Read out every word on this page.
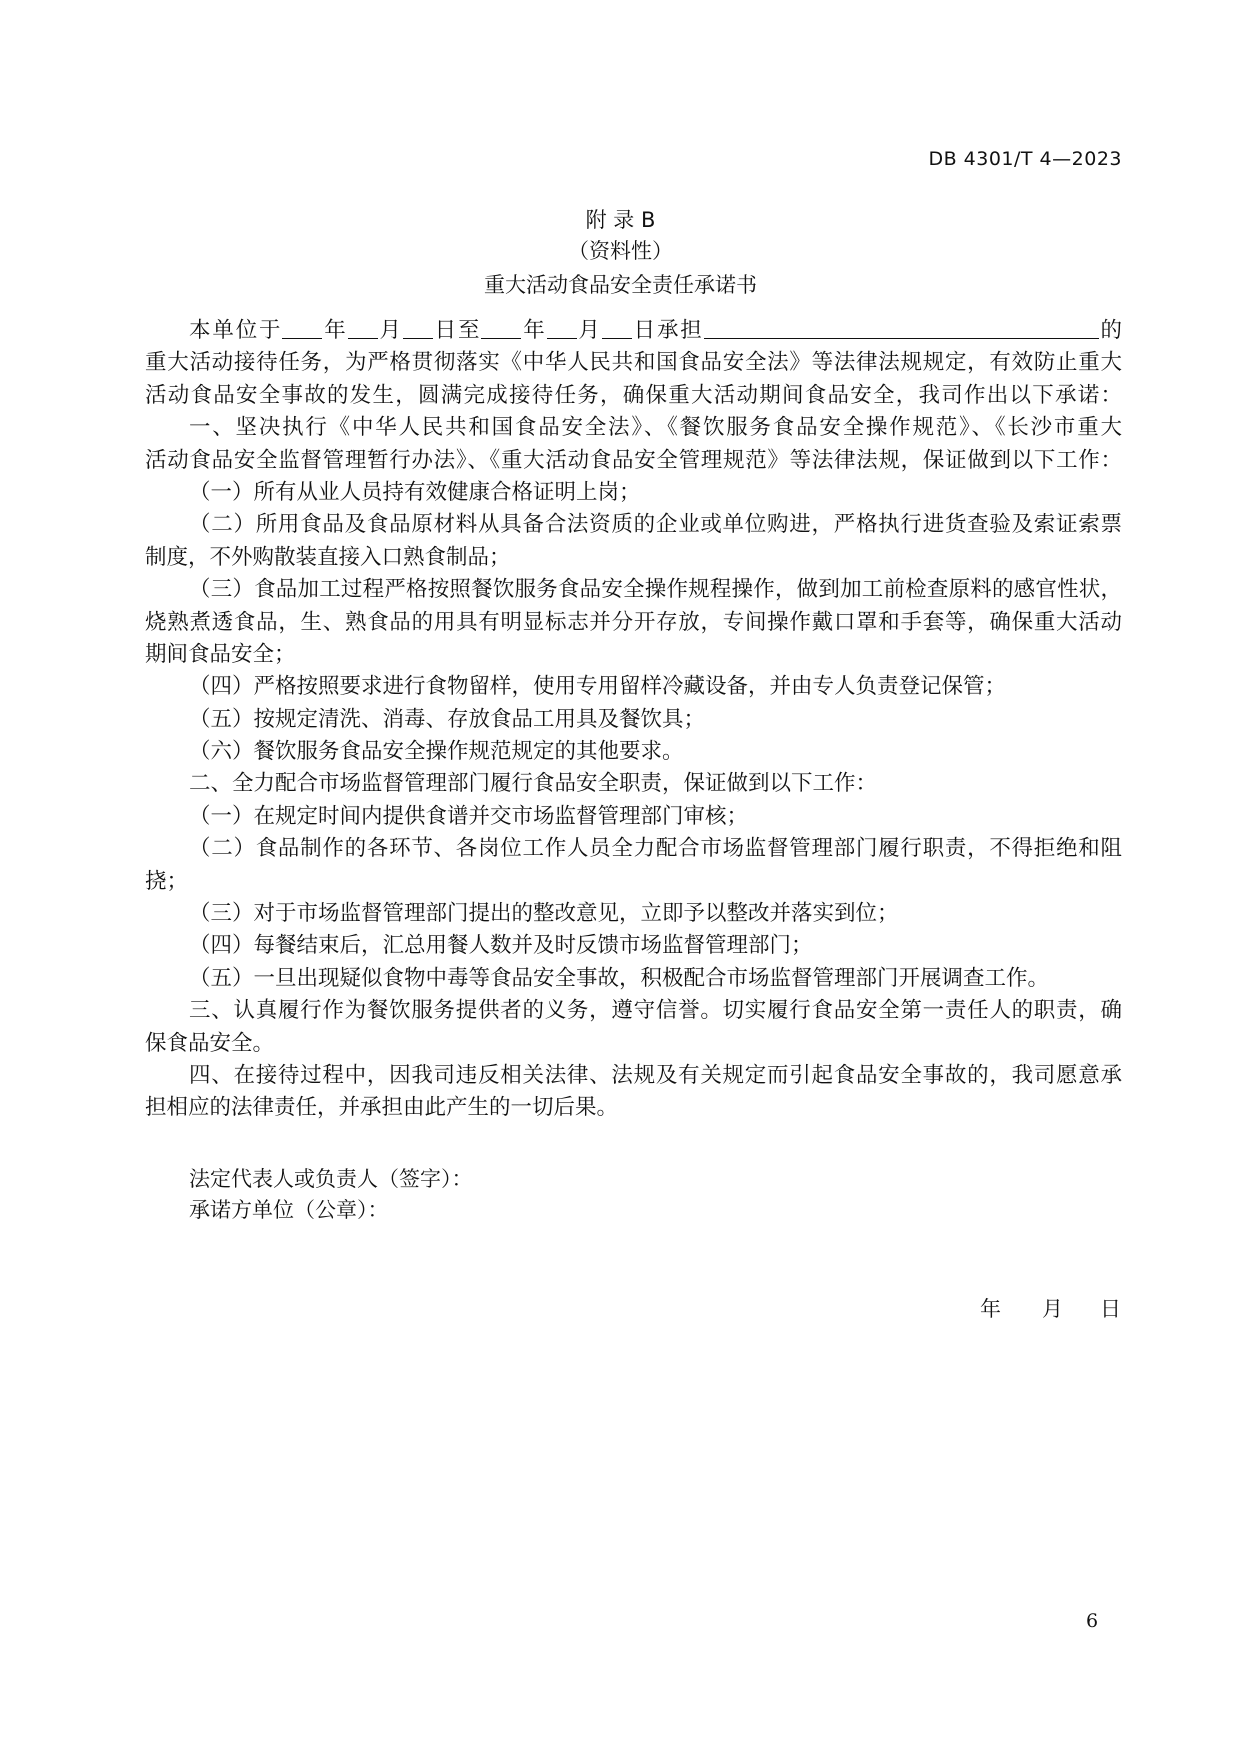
DB 4301/T 4—2023
附 录 B
（资料性）
重大活动食品安全责任承诺书
本单位于 年 月 日至 年 月 日承担	的
重大活动接待任务，为严格贯彻落实《中华人民共和国食品安全法》等法律法规规定，有效防止重大
活动食品安全事故的发生，圆满完成接待任务，确保重大活动期间食品安全，我司作出以下承诺：
一、坚决执行《中华人民共和国食品安全法》、《餐饮服务食品安全操作规范》、《长沙市重大
活动食品安全监督管理暂行办法》、《重大活动食品安全管理规范》等法律法规，保证做到以下工作：
（一）所有从业人员持有效健康合格证明上岗；
（二）所用食品及食品原材料从具备合法资质的企业或单位购进，严格执行进货查验及索证索票
制度，不外购散装直接入口熟食制品；
（三）食品加工过程严格按照餐饮服务食品安全操作规程操作，做到加工前检查原料的感官性状，
烧熟煮透食品，生、熟食品的用具有明显标志并分开存放，专间操作戴口罩和手套等，确保重大活动
期间食品安全；
（四）严格按照要求进行食物留样，使用专用留样冷藏设备，并由专人负责登记保管；
（五）按规定清洗、消毒、存放食品工用具及餐饮具；
（六）餐饮服务食品安全操作规范规定的其他要求。
二、全力配合市场监督管理部门履行食品安全职责，保证做到以下工作：
（一）在规定时间内提供食谱并交市场监督管理部门审核；
（二）食品制作的各环节、各岗位工作人员全力配合市场监督管理部门履行职责，不得拒绝和阻
挠；
（三）对于市场监督管理部门提出的整改意见，立即予以整改并落实到位；
（四）每餐结束后，汇总用餐人数并及时反馈市场监督管理部门；
（五）一旦出现疑似食物中毒等食品安全事故，积极配合市场监督管理部门开展调查工作。
三、认真履行作为餐饮服务提供者的义务，遵守信誉。切实履行食品安全第一责任人的职责，确
保食品安全。
四、在接待过程中，因我司违反相关法律、法规及有关规定而引起食品安全事故的，我司愿意承
担相应的法律责任，并承担由此产生的一切后果。
法定代表人或负责人（签字）：
承诺方单位（公章）：
年 月 日
6
